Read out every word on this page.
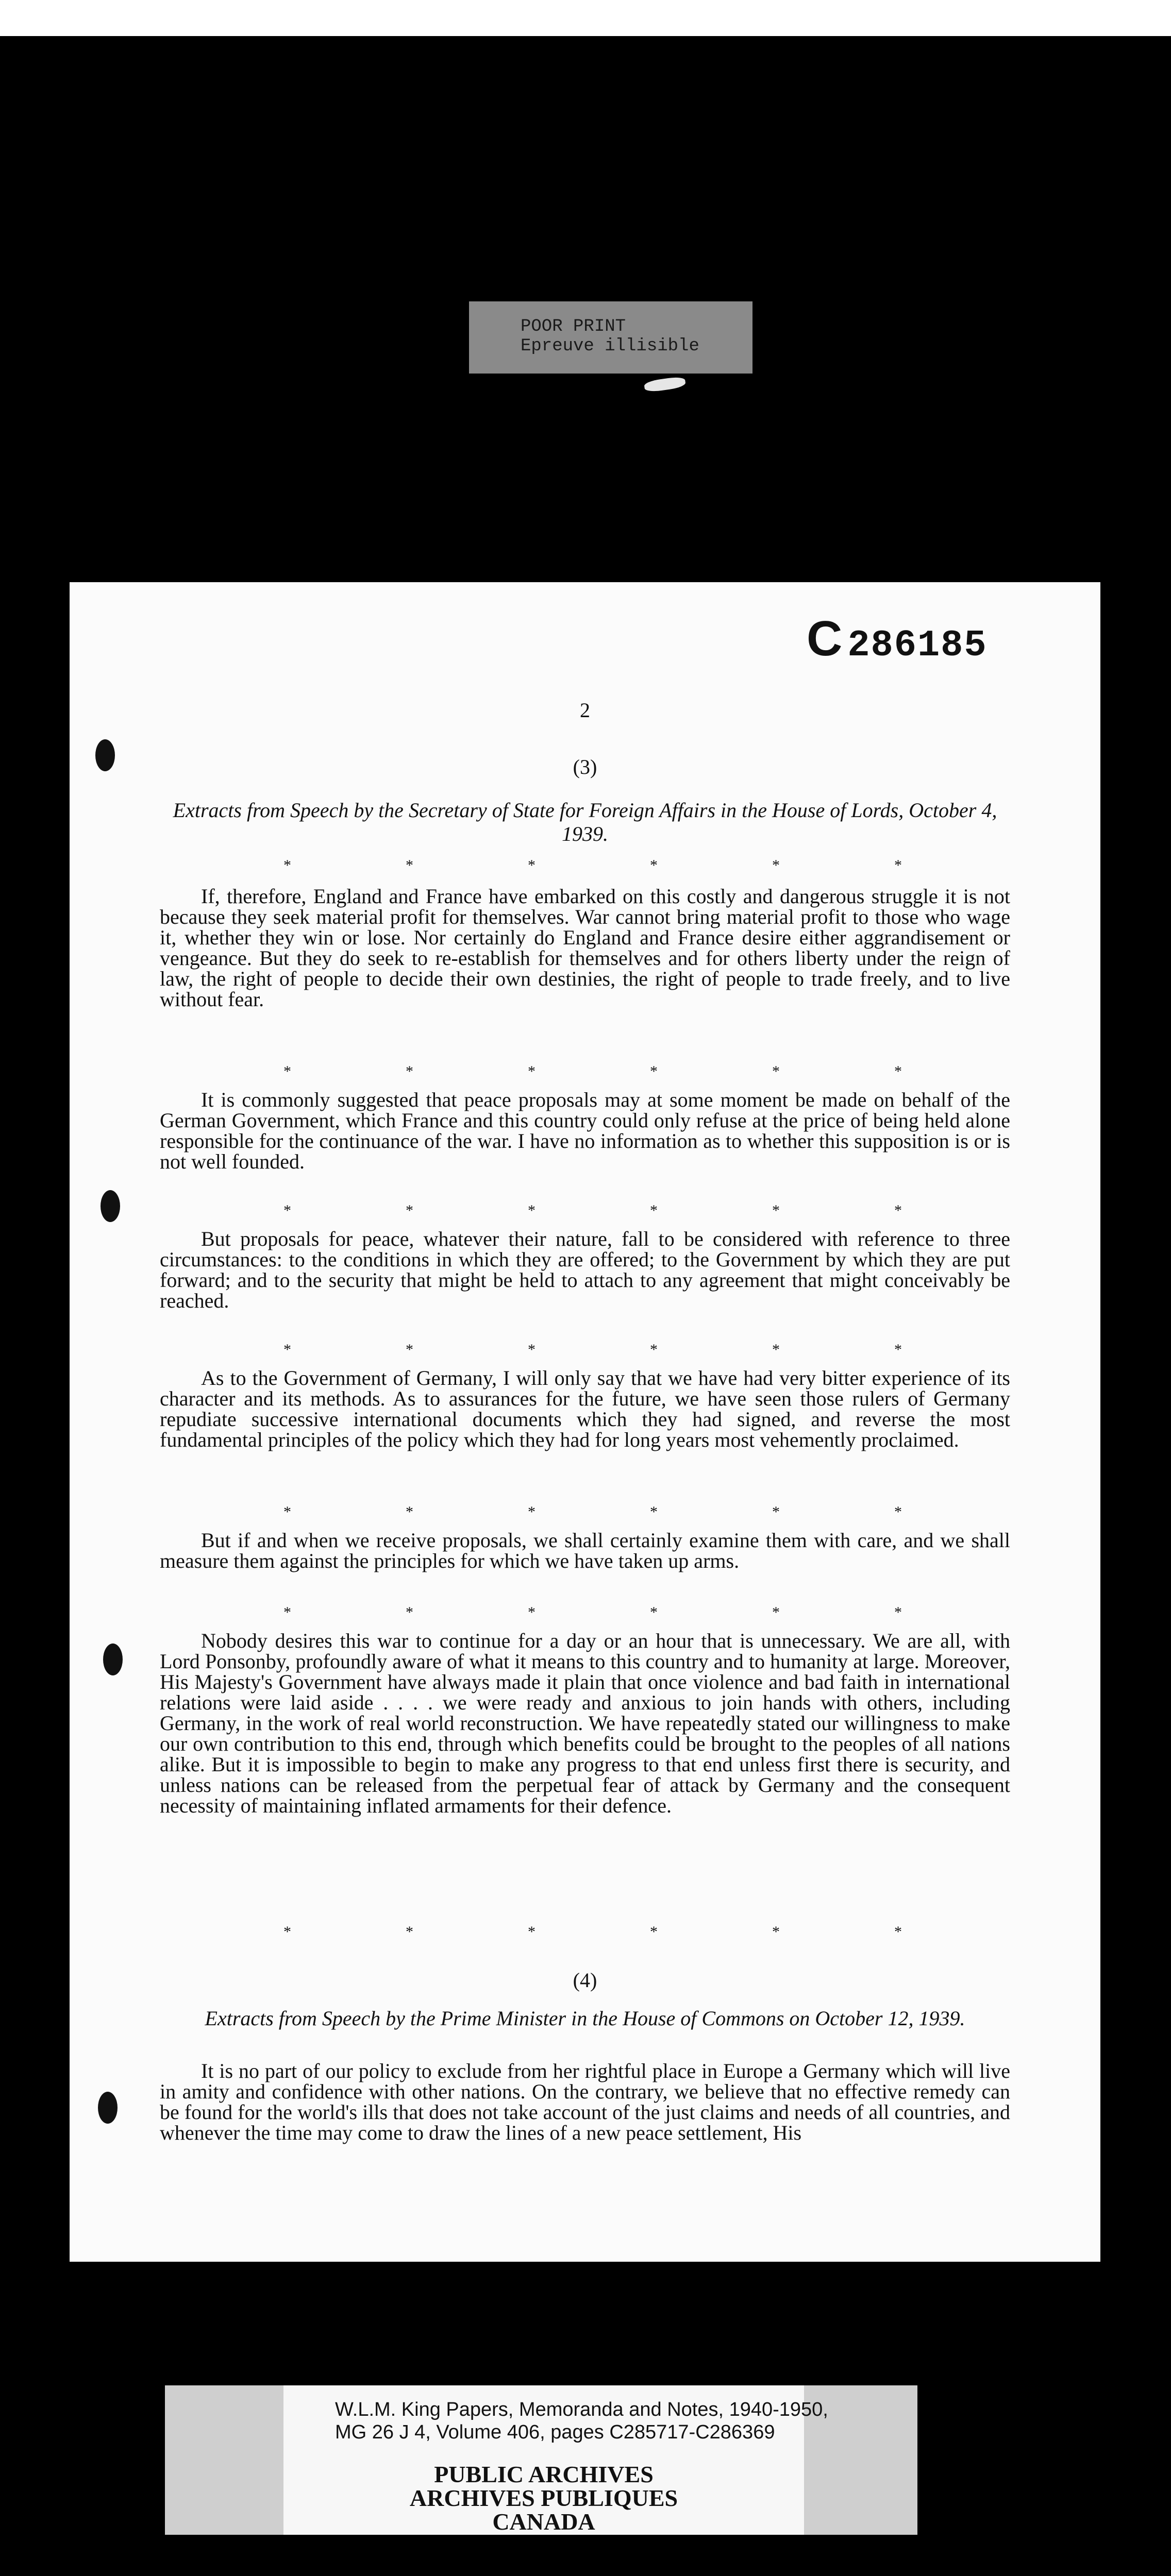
POOR PRINT
Epreuve illisible
C 286185
2
(3)
Extracts from Speech by the Secretary of State for Foreign Affairs in the House of Lords, October 4, 1939.
*	*	*	*	*	*

If, therefore, England and France have embarked on this costly and dangerous struggle it is not because they seek material profit for themselves. War cannot bring material profit to those who wage it, whether they win or lose. Nor certainly do England and France desire either aggrandisement or vengeance. But they do seek to re-establish for themselves and for others liberty under the reign of law, the right of people to decide their own destinies, the right of people to trade freely, and to live without fear.

*	*	*	*	*	*

It is commonly suggested that peace proposals may at some moment be made on behalf of the German Government, which France and this country could only refuse at the price of being held alone responsible for the continuance of the war. I have no information as to whether this supposition is or is not well founded.

*	*	*	*	*	*

But proposals for peace, whatever their nature, fall to be considered with reference to three circumstances: to the conditions in which they are offered; to the Government by which they are put forward; and to the security that might be held to attach to any agreement that might conceivably be reached.

*	*	*	*	*	*

As to the Government of Germany, I will only say that we have had very bitter experience of its character and its methods. As to assurances for the future, we have seen those rulers of Germany repudiate successive international documents which they had signed, and reverse the most fundamental principles of the policy which they had for long years most vehemently proclaimed.

*	*	*	*	*	*

But if and when we receive proposals, we shall certainly examine them with care, and we shall measure them against the principles for which we have taken up arms.

*	*	*	*	*	*

Nobody desires this war to continue for a day or an hour that is unnecessary. We are all, with Lord Ponsonby, profoundly aware of what it means to this country and to humanity at large. Moreover, His Majesty's Government have always made it plain that once violence and bad faith in international relations were laid aside . . . . we were ready and anxious to join hands with others, including Germany, in the work of real world reconstruction. We have repeatedly stated our willingness to make our own contribution to this end, through which benefits could be brought to the peoples of all nations alike. But it is impossible to begin to make any progress to that end unless first there is security, and unless nations can be released from the perpetual fear of attack by Germany and the consequent necessity of maintaining inflated armaments for their defence.

*	*	*	*	*	*
(4)
Extracts from Speech by the Prime Minister in the House of Commons on October 12, 1939.

It is no part of our policy to exclude from her rightful place in Europe a Germany which will live in amity and confidence with other nations. On the contrary, we believe that no effective remedy can be found for the world's ills that does not take account of the just claims and needs of all countries, and whenever the time may come to draw the lines of a new peace settlement, His

W.L.M. King Papers, Memoranda and Notes, 1940-1950,
MG 26 J 4, Volume 406, pages C285717-C286369
PUBLIC ARCHIVES
ARCHIVES PUBLIQUES
CANADA
